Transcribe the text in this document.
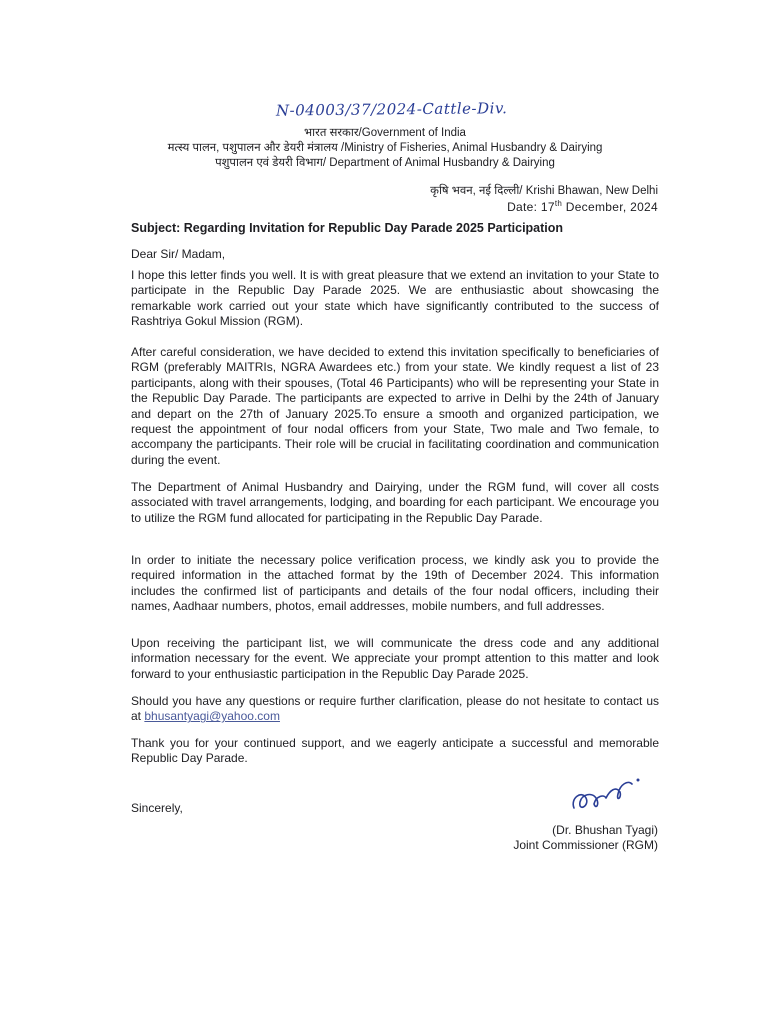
N-04003/37/2024-Cattle-Div.
भारत सरकार/Government of India
मत्स्य पालन, पशुपालन और डेयरी मंत्रालय /Ministry of Fisheries, Animal Husbandry & Dairying
पशुपालन एवं डेयरी विभाग/ Department of Animal Husbandry & Dairying
कृषि भवन, नई दिल्ली/ Krishi Bhawan, New Delhi
Date: 17th December, 2024
Subject: Regarding Invitation for Republic Day Parade 2025 Participation
Dear Sir/ Madam,
I hope this letter finds you well. It is with great pleasure that we extend an invitation to your State to participate in the Republic Day Parade 2025. We are enthusiastic about showcasing the remarkable work carried out your state which have significantly contributed to the success of Rashtriya Gokul Mission (RGM).
After careful consideration, we have decided to extend this invitation specifically to beneficiaries of RGM (preferably MAITRIs, NGRA Awardees etc.) from your state. We kindly request a list of 23 participants, along with their spouses, (Total 46 Participants) who will be representing your State in the Republic Day Parade. The participants are expected to arrive in Delhi by the 24th of January and depart on the 27th of January 2025.To ensure a smooth and organized participation, we request the appointment of four nodal officers from your State, Two male and Two female, to accompany the participants. Their role will be crucial in facilitating coordination and communication during the event.
The Department of Animal Husbandry and Dairying, under the RGM fund, will cover all costs associated with travel arrangements, lodging, and boarding for each participant. We encourage you to utilize the RGM fund allocated for participating in the Republic Day Parade.
In order to initiate the necessary police verification process, we kindly ask you to provide the required information in the attached format by the 19th of December 2024. This information includes the confirmed list of participants and details of the four nodal officers, including their names, Aadhaar numbers, photos, email addresses, mobile numbers, and full addresses.
Upon receiving the participant list, we will communicate the dress code and any additional information necessary for the event. We appreciate your prompt attention to this matter and look forward to your enthusiastic participation in the Republic Day Parade 2025.
Should you have any questions or require further clarification, please do not hesitate to contact us at bhusantyagi@yahoo.com
Thank you for your continued support, and we eagerly anticipate a successful and memorable Republic Day Parade.
Sincerely,
(Dr. Bhushan Tyagi)
Joint Commissioner (RGM)
